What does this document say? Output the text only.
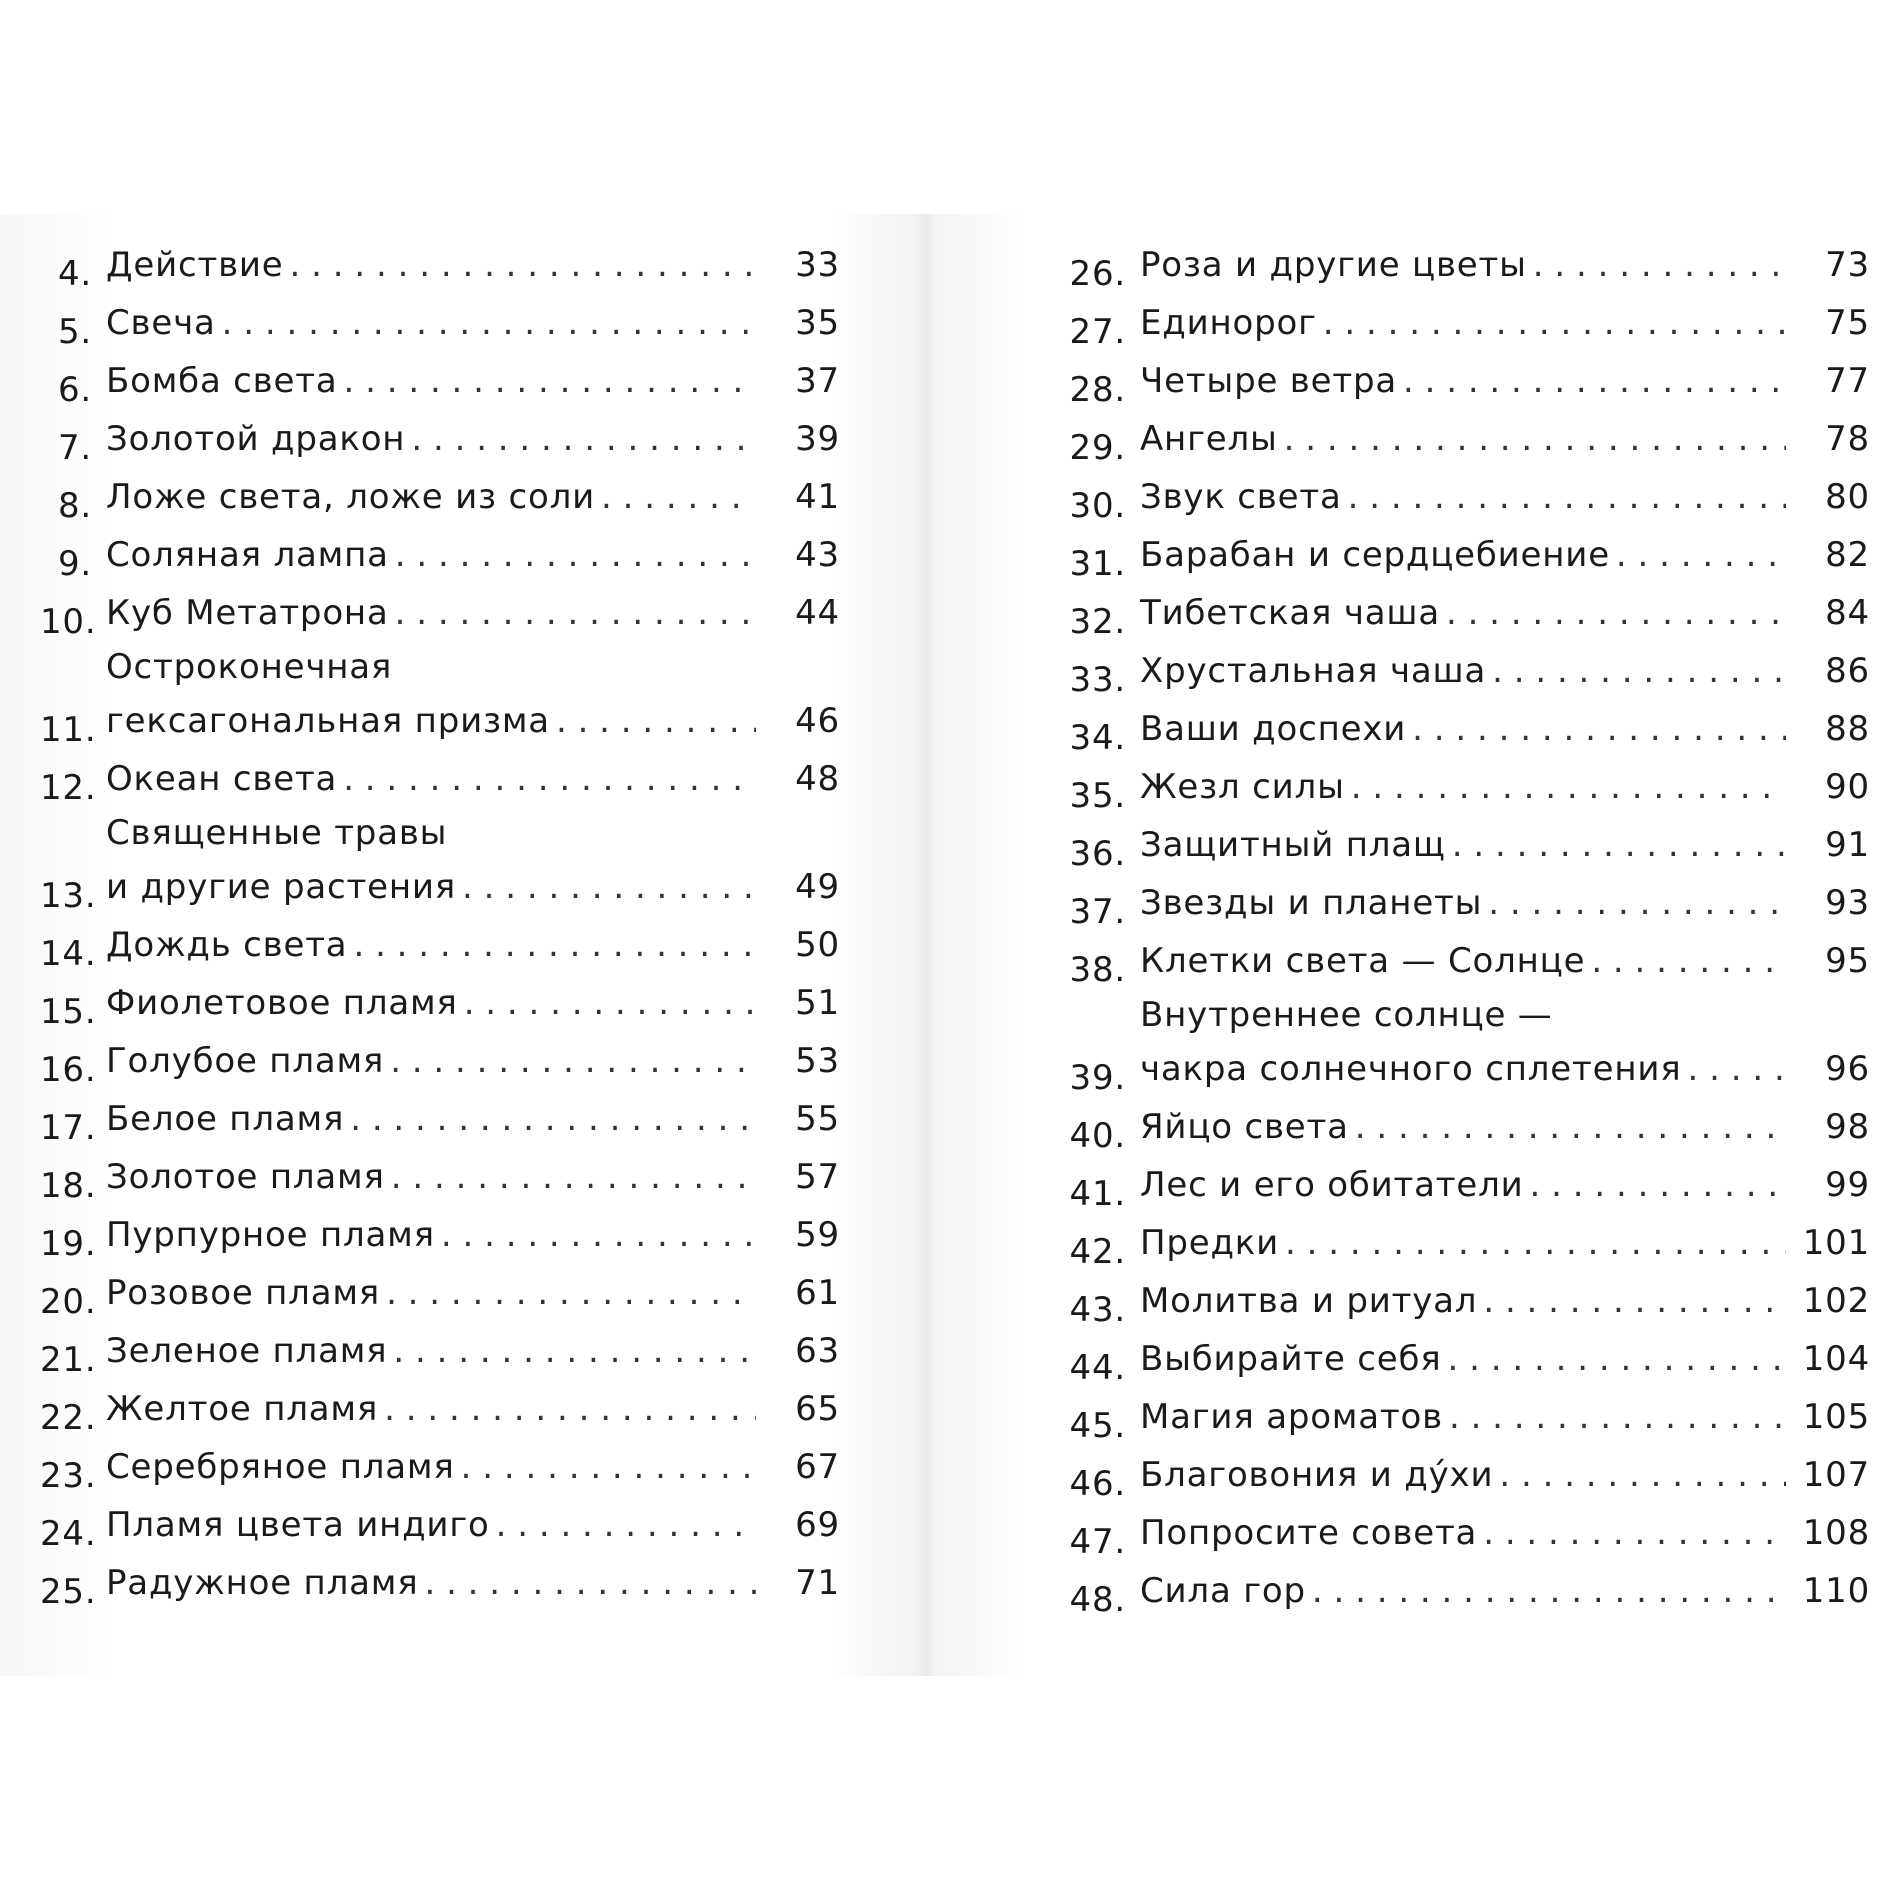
4. Действие . . .	33
5. Свеча . . .	35
6. Бомба света . . .	37
7. Золотой дракон . . .	39
8. Ложе света, ложе из соли . . .	41
9. Соляная лампа . . .	43
10. Куб Метатрона . . .	44
11.
Остроконечная
гексагональная призма . . .	46
12. Океан света . . .	48
13.
Священные травы
и другие растения . . .	49
14. Дождь света . . .	50
15. Фиолетовое пламя . . .	51
16. Голубое пламя . . .	53
17. Белое пламя . . .	55
18. Золотое пламя . . .	57
19. Пурпурное пламя . . .	59
20. Розовое пламя . . .	61
21. Зеленое пламя . . .	63
22. Желтое пламя . . .	65
23. Серебряное пламя . . .	67
24. Пламя цвета индиго . . .	69
25. Радужное пламя . . .	71
26. Роза и другие цветы . . .	73
27. Единорог . . .	75
28. Четыре ветра . . .	77
29. Ангелы . . .	78
30. Звук света . . .	80
31. Барабан и сердцебиение . . .	82
32. Тибетская чаша . . .	84
33. Хрустальная чаша . . .	86
34. Ваши доспехи . . .	88
35. Жезл силы . . .	90
36. Защитный плащ . . .	91
37. Звезды и планеты . . .	93
38. Клетки света — Солнце . . .	95
39.
Внутреннее солнце —
чакра солнечного сплетения . . .	96
40. Яйцо света . . .	98
41. Лес и его обитатели . . .	99
42. Предки . . .	101
43. Молитва и ритуал . . .	102
44. Выбирайте себя . . .	104
45. Магия ароматов . . .	105
46. Благовония и ду́хи . . .	107
47. Попросите совета . . .	108
48. Сила гор . . .	110
